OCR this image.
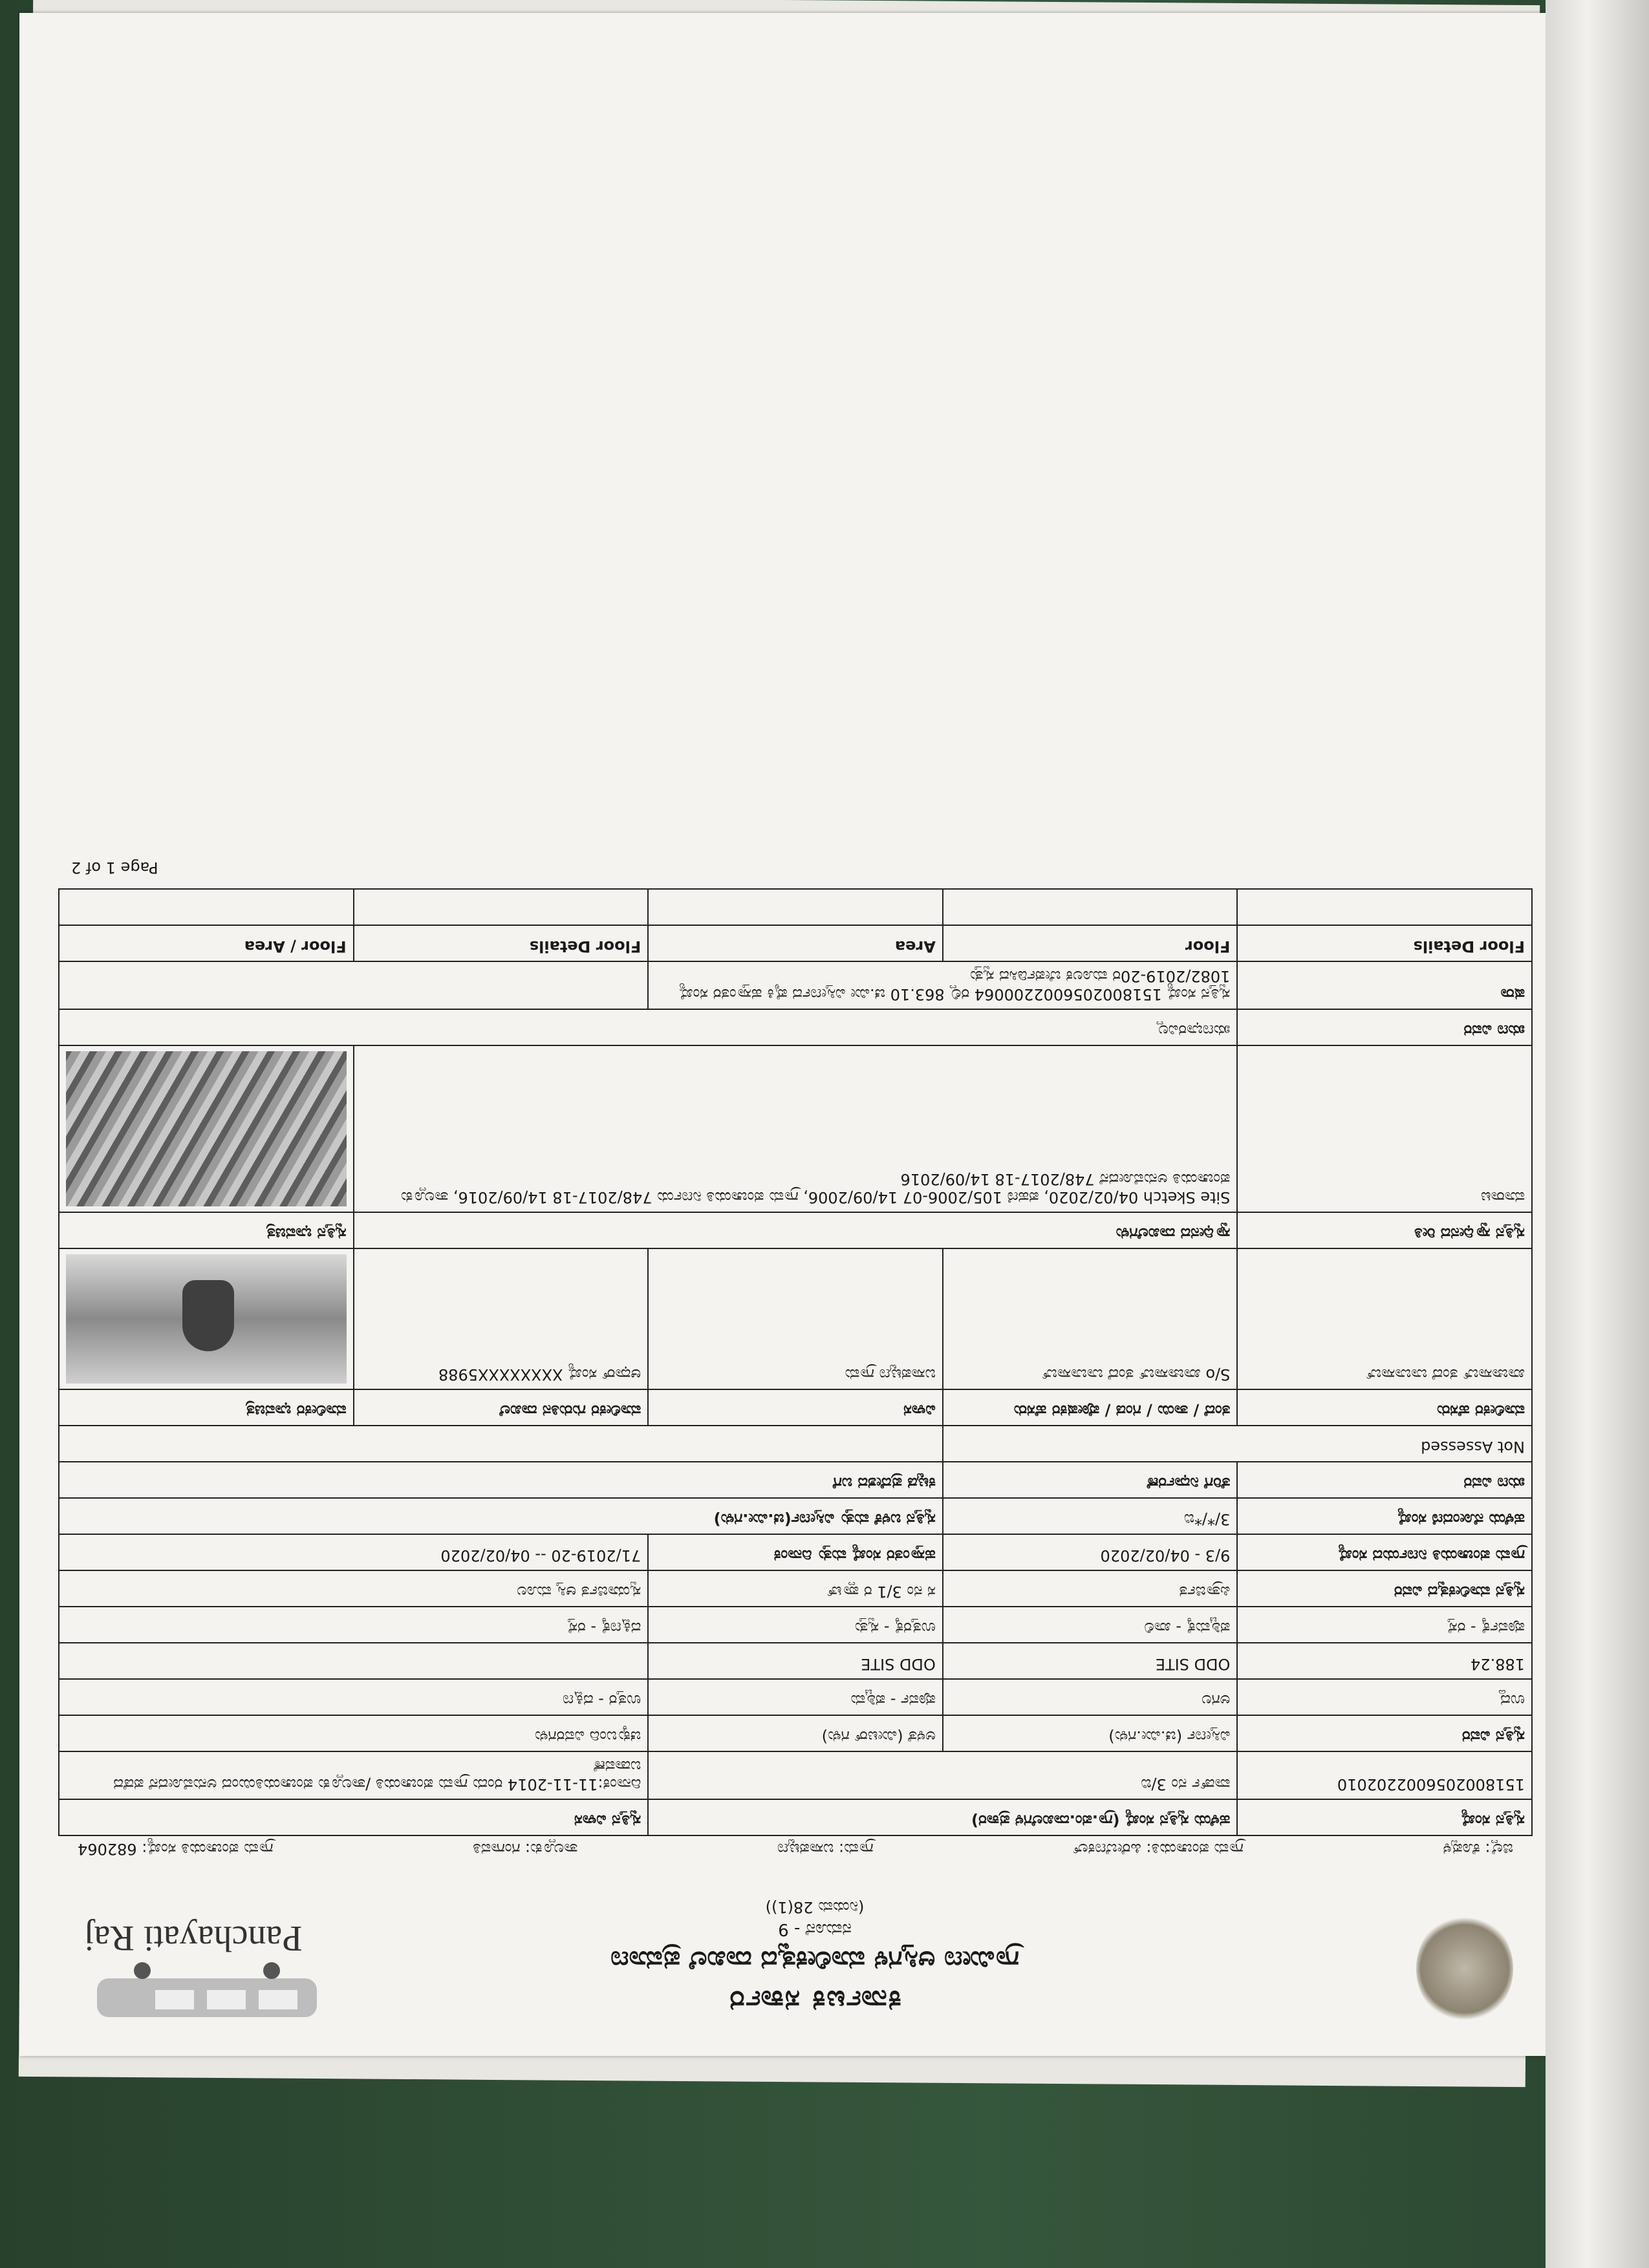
ಕರ್ನಾಟಕ ಸರ್ಕಾರ
ಗ್ರಾಮೀಣ ಆಸ್ತಿಗಳ ಮಾಲೀಕತ್ವದ ದಾಖಲೆ ಪ್ರಮಾಣ
ನಮೂನೆ - 9
(ನಿಯಮ 28(1))
Panchayati Raj
ಜಿಲ್ಲೆ: ಕೊಪ್ಪಳ
ಗ್ರಾಮ ಪಂಚಾಯತಿ: ಹಿರೇಬೆಣಕಲ್
ಗ್ರಾಮ: ಬಸಾಪಟ್ಟಣ
ತಾಲ್ಲೂಕು: ಗಂಗಾವತಿ
ಗ್ರಾಮ ಪಂಚಾಯತಿ ಸಂಖ್ಯೆ: 682064
ಸ್ವತ್ತಿನ ಸಂಖ್ಯೆ	ಹಳೆಯ ಸ್ವತ್ತಿನ ಸಂಖ್ಯೆ (ಗ್ರಾ.ಪಂ.ದಾಖಲೆಗಳ ಪ್ರಕಾರ)		ಸ್ವತ್ತಿನ ವಿಳಾಸ	
1518002056002202010	ವಾರ್ಡ್ ನಂ 3/ಬಿ		ದಿನಾಂಕ:11-11-2014 ರಂದು ಗ್ರಾಮ ಪಂಚಾಯತಿ /ತಾಲ್ಲೂಕು ಪಂಚಾಯತಿಯಿಂದ ಅನುಮೋದನೆ ಪಡೆದ ಬಡಾವಣೆ	
ಸ್ವತ್ತಿನ ವಿವರ	ವಿಸ್ತೀರ್ಣ (ಚ.ಮೀ.ಗಳು)	ಅಳತೆ (ಮೀಟರ್ ಗಳು)	ಚಕ್ಕುಬಂದಿ ವಿವರಗಳು	
ಉದ್ದ	ಅಗಲ	ಪೂರ್ವ - ಪಶ್ಚಿಮ	ಉತ್ತರ - ದಕ್ಷಿಣ	
188.24	ODD SITE	ODD SITE		
ಪೂರ್ವಕ್ಕೆ - ರಸ್ತೆ	ಪಶ್ಚಿಮಕ್ಕೆ - ಖಾಲಿ	ಉತ್ತರಕ್ಕೆ - ಸ್ವತ್ತು	ದಕ್ಷಿಣಕ್ಕೆ - ರಸ್ತೆ	
ಸ್ವತ್ತಿನ ಮಾಲೀಕತ್ವದ ವಿವರ	ಪಿತ್ರಾರ್ಜಿತ	ಸ ನಂ 3/1 ರ ಪ್ಲಾಟ್	ಸ್ವಯಾರ್ಜಿತ ಆಸ್ತಿ ಮೂಲ	
ಗ್ರಾಮ ಪಂಚಾಯತಿ ನಿರ್ಣಯದ ಸಂಖ್ಯೆ	9/3 - 04/02/2020	ಹಸ್ತಾಂತರ ಸಂಖ್ಯೆ ಮತ್ತು ದಿನಾಂಕ	71/2019-20 -- 04/02/2020	
ಹಳೆಯ ನೋಂದಣಿ ಸಂಖ್ಯೆ	3/*/*ಬಿ	ಸ್ವತ್ತಿನ ಬಳಕೆ ಮತ್ತು ವಿಸ್ತೀರ್ಣ(ಚ.ಮೀ.ಗಳು)		
ಋಣ ವಿವರ	ತೆರಿಗೆ ನಿರ್ಧಾರಣೆ	ಕಟ್ಟಡ ಪ್ರದೇಶದ ಬಗೆ		
Not Assessed				
ಮಾಲೀಕರ ಹೆಸರು	ತಂದೆ / ತಾಯಿ / ಗಂಡ / ಪೋಷಕರ ಹೆಸರು	ವಿಳಾಸ	ಮಾಲೀಕರ ಗುರುತಿನ ದಾಖಲೆ	ಮಾಲೀಕರ ಭಾವಚಿತ್ರ
ಖಾಜಾಸಾಬ್ ತಂದೆ ಬಾಬಾಸಾಬ್	S/o ಖಾಜಾಸಾಬ್ ತಂದೆ ಬಾಬಾಸಾಬ್	ಬಸಾಪಟ್ಟಣ ಗ್ರಾಮ	ಆಧಾರ್ ಸಂಖ್ಯೆ XXXXXXXX5988	

ಸ್ವತ್ತಿನ ಸ್ವಾಧೀನದ ರೀತಿ	ಸ್ವಾಧೀನದ ದಾಖಲೆಗಳು			ಸ್ವತ್ತಿನ ಭಾವಚಿತ್ರ
ಮಾರಾಟ	Site Sketch 04/02/2020, ಪಹಣಿ 105/2006-07 14/09/2006, ಗ್ರಾಮ ಪಂಚಾಯತಿ ನಿರ್ಣಯ 748/2017-18 14/09/2016, ತಾಲ್ಲೂಕು ಪಂಚಾಯತಿ ಅನುಮೋದನೆ 748/2017-18 14/09/2016			

ಋಣ ವಿವರ	ಋಣಭಾರವಿಲ್ಲ			
ಷರಾ	ಸ್ವತ್ತಿನ ಸಂಖ್ಯೆ 1518002056002200064 ರಲ್ಲಿ 863.10 ಚ.ಮೀ ವಿಸ್ತೀರ್ಣದ ಪೈಕಿ ಹಸ್ತಾಂತರ ಸಂಖ್ಯೆ 1082/2019-20ರ ಮೂಲಕ ಬೇರ್ಪಡಿಸಿದ ಸ್ವತ್ತು			
Floor Details	Floor	Area	Floor Details	Floor / Area

Page 1 of 2
